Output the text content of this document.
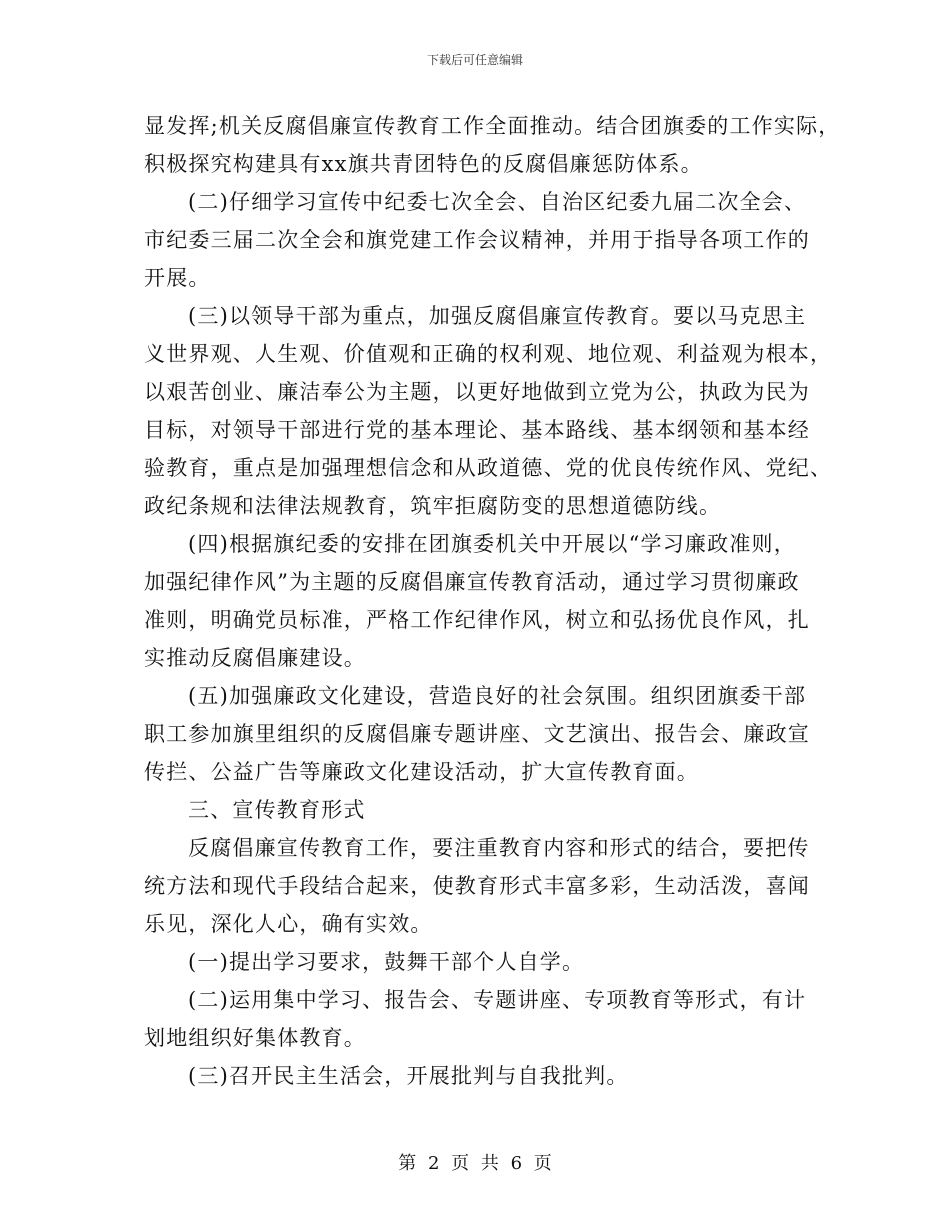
下载后可任意编辑
显发挥;机关反腐倡廉宣传教育工作全面推动。结合团旗委的工作实际，
积极探究构建具有xx旗共青团特色的反腐倡廉惩防体系。
(二)仔细学习宣传中纪委七次全会、自治区纪委九届二次全会、
市纪委三届二次全会和旗党建工作会议精神，并用于指导各项工作的
开展。
(三)以领导干部为重点，加强反腐倡廉宣传教育。要以马克思主
义世界观、人生观、价值观和正确的权利观、地位观、利益观为根本，
以艰苦创业、廉洁奉公为主题，以更好地做到立党为公，执政为民为
目标，对领导干部进行党的基本理论、基本路线、基本纲领和基本经
验教育，重点是加强理想信念和从政道德、党的优良传统作风、党纪、
政纪条规和法律法规教育，筑牢拒腐防变的思想道德防线。
(四)根据旗纪委的安排在团旗委机关中开展以“学习廉政准则，
加强纪律作风”为主题的反腐倡廉宣传教育活动，通过学习贯彻廉政
准则，明确党员标准，严格工作纪律作风，树立和弘扬优良作风，扎
实推动反腐倡廉建设。
(五)加强廉政文化建设，营造良好的社会氛围。组织团旗委干部
职工参加旗里组织的反腐倡廉专题讲座、文艺演出、报告会、廉政宣
传拦、公益广告等廉政文化建设活动，扩大宣传教育面。
三、宣传教育形式
反腐倡廉宣传教育工作，要注重教育内容和形式的结合，要把传
统方法和现代手段结合起来，使教育形式丰富多彩，生动活泼，喜闻
乐见，深化人心，确有实效。
(一)提出学习要求，鼓舞干部个人自学。
(二)运用集中学习、报告会、专题讲座、专项教育等形式，有计
划地组织好集体教育。
(三)召开民主生活会，开展批判与自我批判。
第 2 页 共 6 页
